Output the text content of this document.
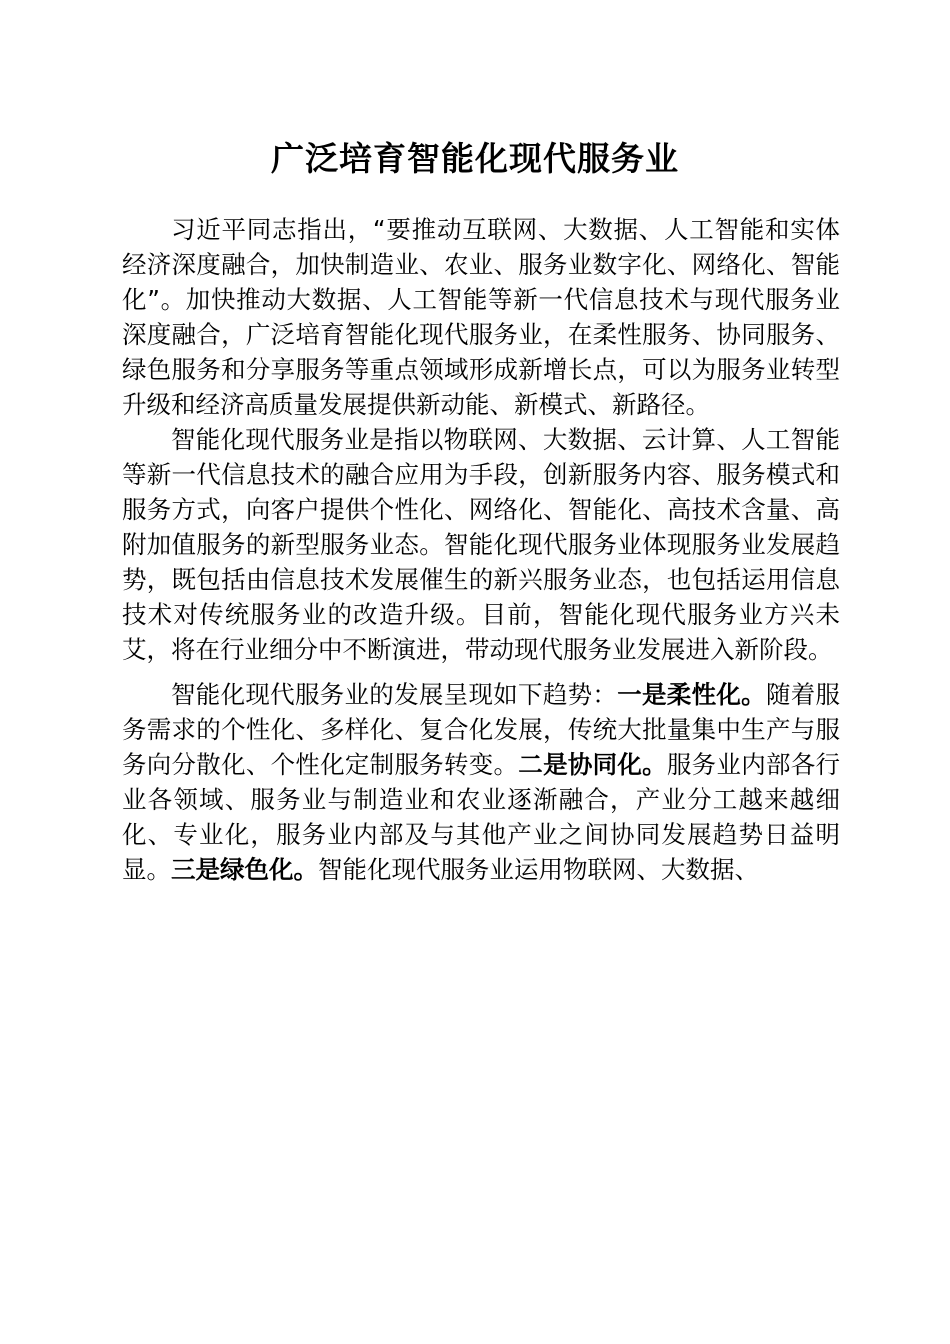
广泛培育智能化现代服务业

习近平同志指出，“要推动互联网、大数据、人工智能和实体经济深度融合，加快制造业、农业、服务业数字化、网络化、智能化”。加快推动大数据、人工智能等新一代信息技术与现代服务业深度融合，广泛培育智能化现代服务业，在柔性服务、协同服务、绿色服务和分享服务等重点领域形成新增长点，可以为服务业转型升级和经济高质量发展提供新动能、新模式、新路径。

智能化现代服务业是指以物联网、大数据、云计算、人工智能等新一代信息技术的融合应用为手段，创新服务内容、服务模式和服务方式，向客户提供个性化、网络化、智能化、高技术含量、高附加值服务的新型服务业态。智能化现代服务业体现服务业发展趋势，既包括由信息技术发展催生的新兴服务业态，也包括运用信息技术对传统服务业的改造升级。目前，智能化现代服务业方兴未艾，将在行业细分中不断演进，带动现代服务业发展进入新阶段。

智能化现代服务业的发展呈现如下趋势：一是柔性化。随着服务需求的个性化、多样化、复合化发展，传统大批量集中生产与服务向分散化、个性化定制服务转变。二是协同化。服务业内部各行业各领域、服务业与制造业和农业逐渐融合，产业分工越来越细化、专业化，服务业内部及与其他产业之间协同发展趋势日益明显。三是绿色化。智能化现代服务业运用物联网、大数据、
